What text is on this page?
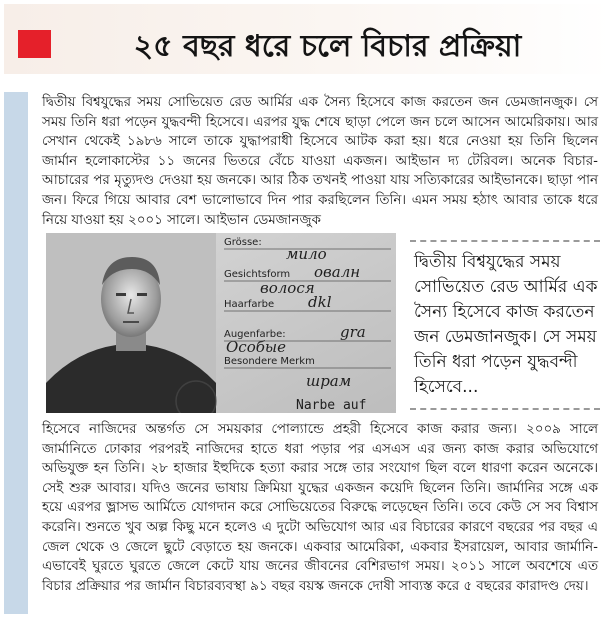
২৫ বছর ধরে চলে বিচার প্রক্রিয়া

দ্বিতীয় বিশ্বযুদ্ধের সময় সোভিয়েত রেড আর্মির এক সৈন্য হিসেবে কাজ করতেন জন ডেমজানজুক। সে সময় তিনি ধরা পড়েন যুদ্ধবন্দী হিসেবে। এরপর যুদ্ধ শেষে ছাড়া পেলে জন চলে আসেন আমেরিকায়। আর সেখান থেকেই ১৯৮৬ সালে তাকে যুদ্ধাপরাধী হিসেবে আটক করা হয়। ধরে নেওয়া হয় তিনি ছিলেন জার্মান হলোকাস্টের ১১ জনের ভিতরে বেঁচে যাওয়া একজন। আইভান দ্য টেরিবল। অনেক বিচার-আচারের পর মৃত্যুদণ্ড দেওয়া হয় জনকে। আর ঠিক তখনই পাওয়া যায় সত্যিকারের আইভানকে। ছাড়া পান জন। ফিরে গিয়ে আবার বেশ ভালোভাবে দিন পার করছিলেন তিনি। এমন সময় হঠাৎ আবার তাকে ধরে নিয়ে যাওয়া হয় ২০০১ সালে। আইভান ডেমজানজুক

Grösse:
Gesichtsform
Haarfarbe
Augenfarbe:
Besondere Merkm
мило
овалн
волося
dkl
gra
Особые
шрам
Narbe auf

দ্বিতীয় বিশ্বযুদ্ধের সময় সোভিয়েত রেড আর্মির এক সৈন্য হিসেবে কাজ করতেন জন ডেমজানজুক। সে সময় তিনি ধরা পড়েন যুদ্ধবন্দী হিসেবে...

হিসেবে নাজিদের অন্তর্গত সে সময়কার পোল্যান্ডে প্রহরী হিসেবে কাজ করার জন্য। ২০০৯ সালে জার্মানিতে ঢোকার পরপরই নাজিদের হাতে ধরা পড়ার পর এসএস এর জন্য কাজ করার অভিযোগে অভিযুক্ত হন তিনি। ২৮ হাজার ইহুদিকে হত্যা করার সঙ্গে তার সংযোগ ছিল বলে ধারণা করেন অনেকে। সেই শুরু আবার। যদিও জনের ভাষায় ক্রিমিয়া যুদ্ধের একজন কয়েদি ছিলেন তিনি। জার্মানির সঙ্গে এক হয়ে এরপর ভ্লাসভ আর্মিতে যোগদান করে সোভিয়েতের বিরুদ্ধে লড়েছেন তিনি। তবে কেউ সে সব বিশ্বাস করেনি। শুনতে খুব অল্প কিছু মনে হলেও এ দুটো অভিযোগ আর এর বিচারের কারণে বছরের পর বছর এ জেল থেকে ও জেলে ছুটে বেড়াতে হয় জনকে। একবার আমেরিকা, একবার ইসরায়েল, আবার জার্মানি- এভাবেই ঘুরতে ঘুরতে জেলে কেটে যায় জনের জীবনের বেশিরভাগ সময়। ২০১১ সালে অবশেষে এত বিচার প্রক্রিয়ার পর জার্মান বিচারব্যবস্থা ৯১ বছর বয়স্ক জনকে দোষী সাব্যস্ত করে ৫ বছরের কারাদণ্ড দেয়।
